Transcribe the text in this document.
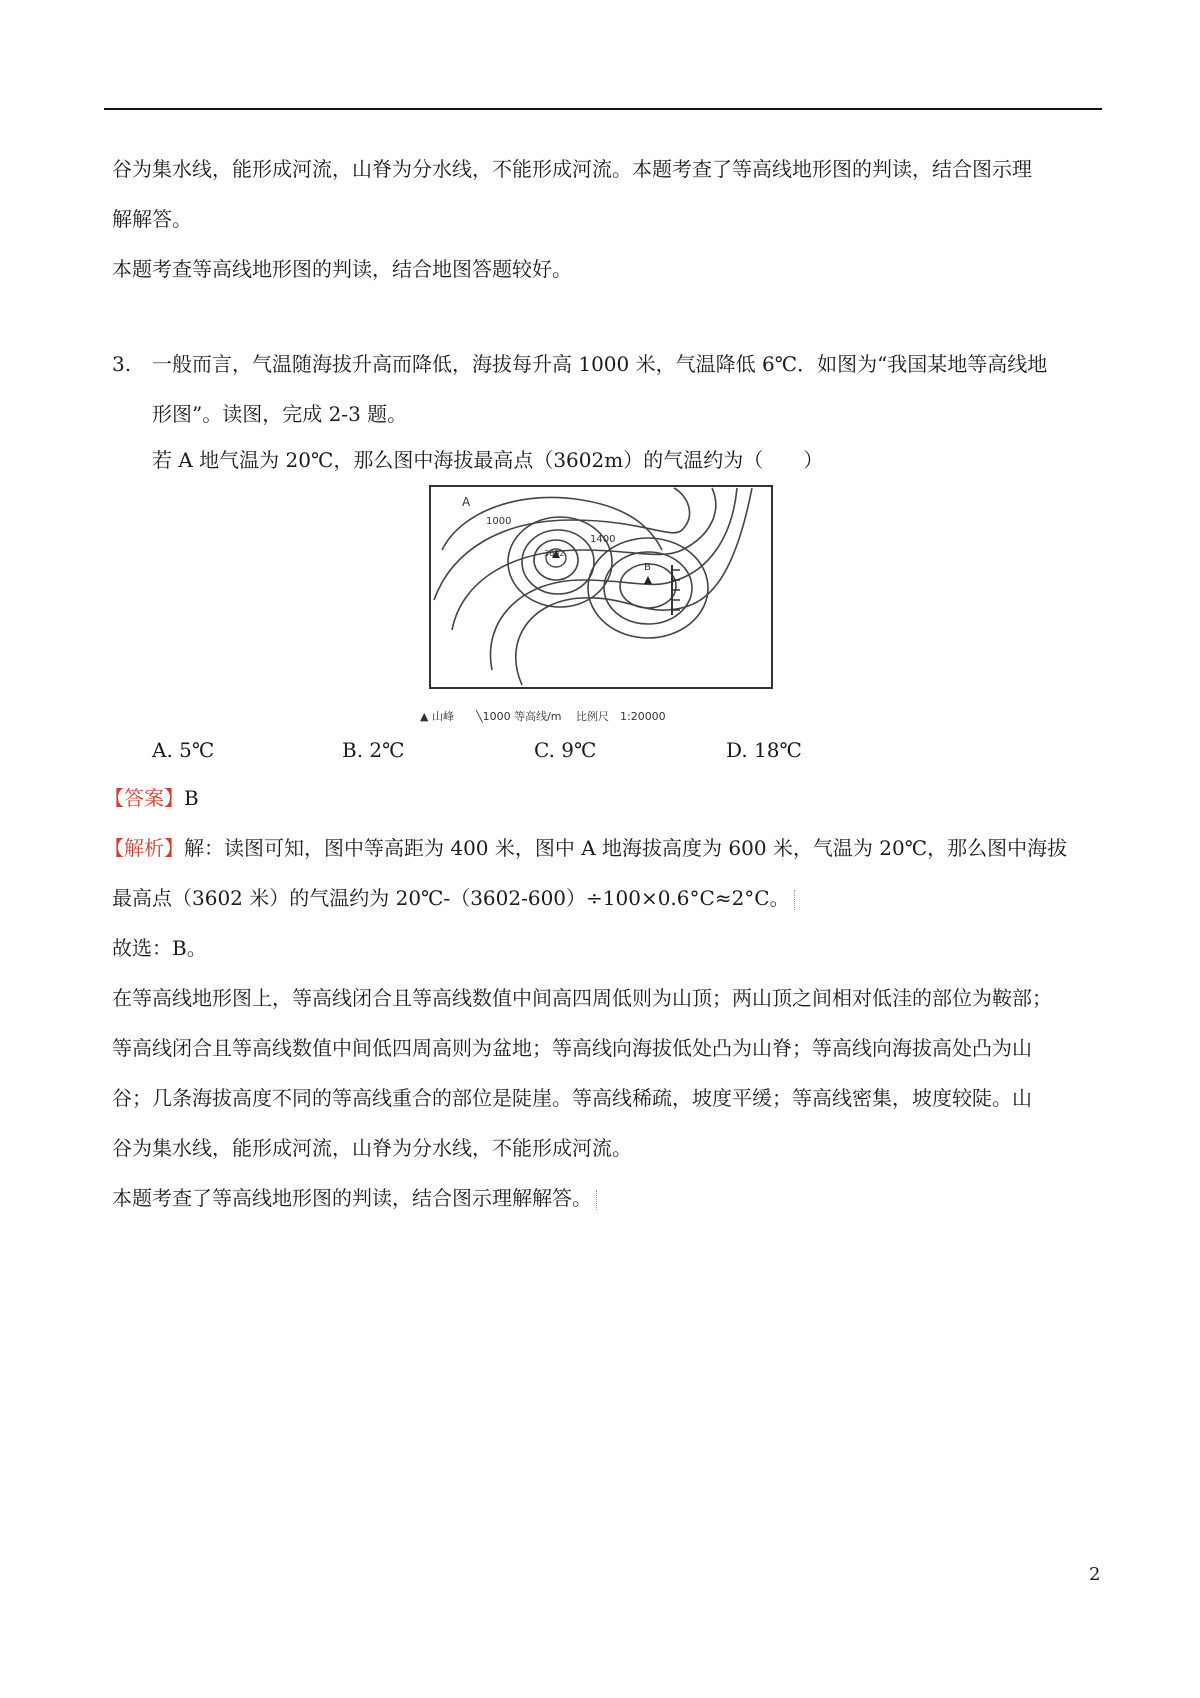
谷为集水线，能形成河流，山脊为分水线，不能形成河流。本题考查了等高线地形图的判读，结合图示理
解解答。
本题考查等高线地形图的判读，结合地图答题较好。
3. 一般而言，气温随海拔升高而降低，海拔每升高 1000 米，气温降低 6℃．如图为“我国某地等高线地
形图”。读图，完成 2-3 题。
若 A 地气温为 20℃，那么图中海拔最高点（3602m）的气温约为（　　）
A
1000
1400
3602
B
▲ 山峰　　╲1000 等高线/m　 比例尺　1:20000
A. 5℃	B. 2℃	C. 9℃	D. 18℃
【答案】B
【解析】解：读图可知，图中等高距为 400 米，图中 A 地海拔高度为 600 米，气温为 20℃，那么图中海拔
最高点（3602 米）的气温约为 20℃-（3602-600）÷100×0.6°C≈2°C。
故选：B。
在等高线地形图上，等高线闭合且等高线数值中间高四周低则为山顶；两山顶之间相对低洼的部位为鞍部；
等高线闭合且等高线数值中间低四周高则为盆地；等高线向海拔低处凸为山脊；等高线向海拔高处凸为山
谷；几条海拔高度不同的等高线重合的部位是陡崖。等高线稀疏，坡度平缓；等高线密集，坡度较陡。山
谷为集水线，能形成河流，山脊为分水线，不能形成河流。
本题考查了等高线地形图的判读，结合图示理解解答。
2
